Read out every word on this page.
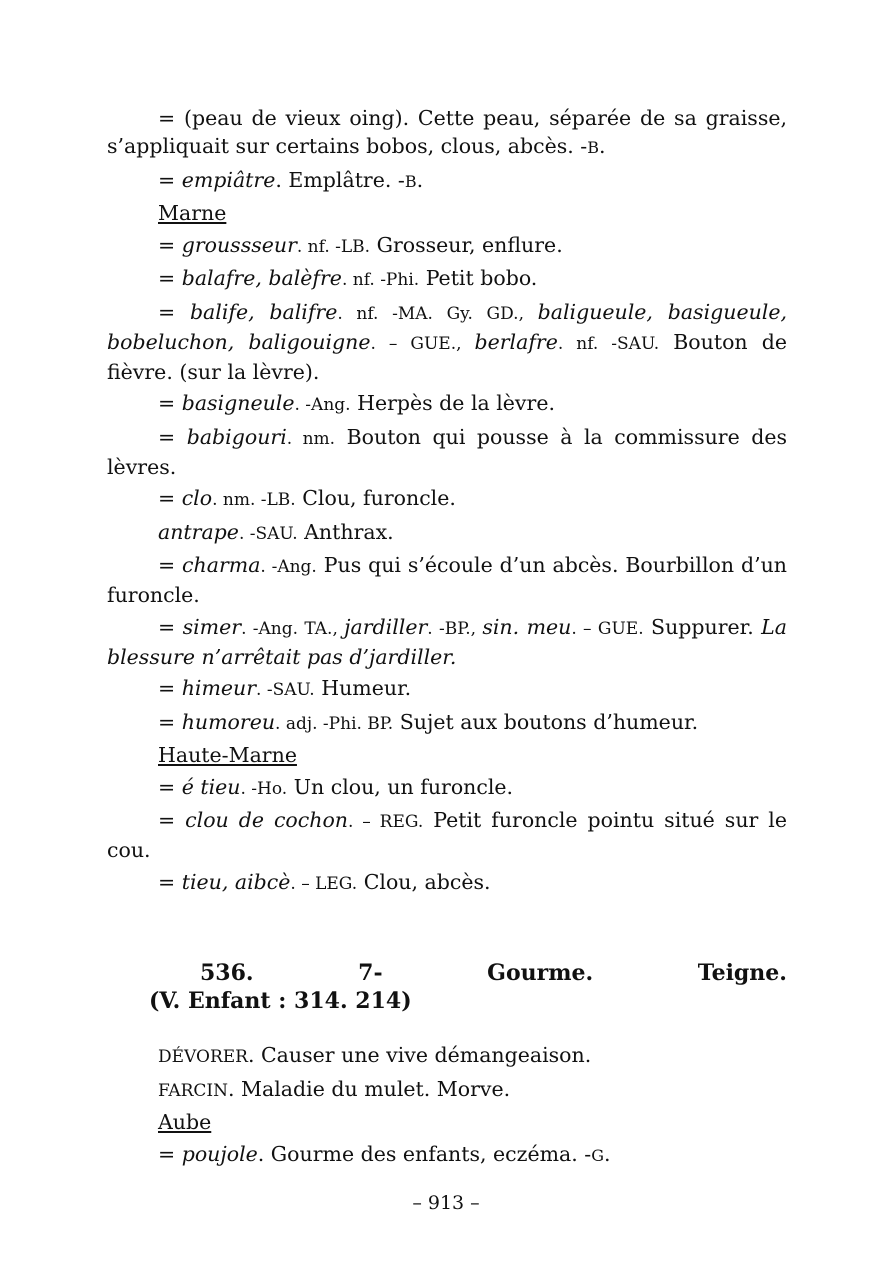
= (peau de vieux oing). Cette peau, séparée de sa graisse, s’appliquait sur certains bobos, clous, abcès. -B.

= empiâtre. Emplâtre. -B.

Marne

= groussseur. nf. -LB. Grosseur, enflure.

= balafre, balèfre. nf. -Phi. Petit bobo.

= balife, balifre. nf. -MA. Gy. GD., baligueule, basigueule, bobeluchon, baligouigne. – GUE., berlafre. nf. -SAU. Bouton de fièvre. (sur la lèvre).

= basigneule. -Ang. Herpès de la lèvre.

= babigouri. nm. Bouton qui pousse à la commissure des lèvres.

= clo. nm. -LB. Clou, furoncle.

antrape. -SAU. Anthrax.

= charma. -Ang. Pus qui s’écoule d’un abcès. Bourbillon d’un furoncle.

= simer. -Ang. TA., jardiller. -BP., sin. meu. – GUE. Suppurer. La blessure n’arrêtait pas d’jardiller.

= himeur. -SAU. Humeur.

= humoreu. adj. -Phi. BP. Sujet aux boutons d’humeur.

Haute-Marne

= é tieu. -Ho. Un clou, un furoncle.

= clou de cochon. – REG. Petit furoncle pointu situé sur le cou.

= tieu, aibcè. – LEG. Clou, abcès.

536.	7-	Gourme.	Teigne.

(V. Enfant : 314. 214)

DÉVORER. Causer une vive démangeaison.

FARCIN. Maladie du mulet. Morve.

Aube

= poujole. Gourme des enfants, eczéma. -G.

– 913 –
